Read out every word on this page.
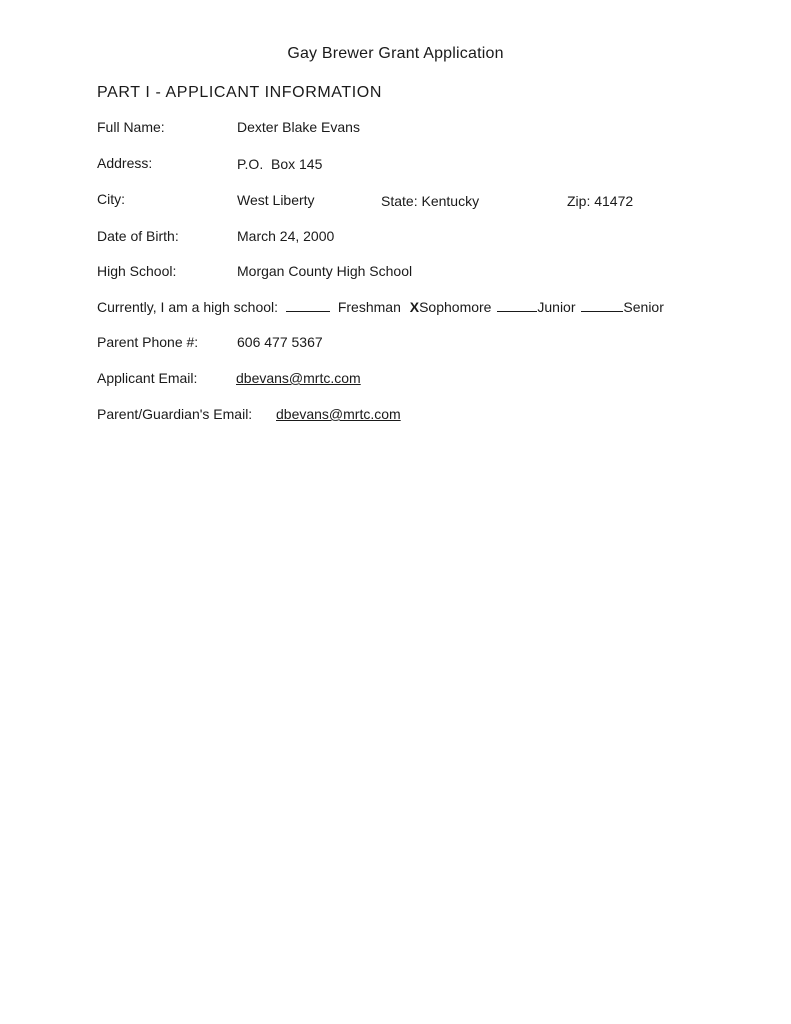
Gay Brewer Grant Application
PART I - APPLICANT INFORMATION
Full Name:	Dexter Blake Evans
Address:	P.O.  Box 145
City:	West Liberty	State: Kentucky	Zip: 41472
Date of Birth:	March 24, 2000
High School:	Morgan County High School
Currently, I am a high school:	Freshman XSophomore	Junior	Senior
Parent Phone #:	606 477 5367
Applicant Email:	dbevans@mrtc.com
Parent/Guardian's Email: dbevans@mrtc.com
